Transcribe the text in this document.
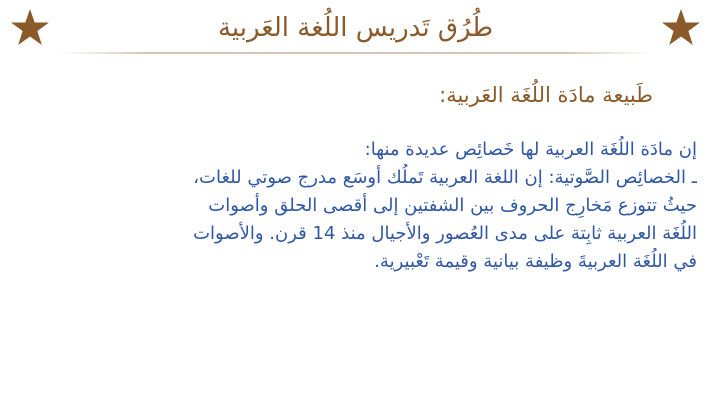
طُرُق تَدريس اللُغة العَربية
طَبيعة مادَة اللُغَة العَربية:
إن مادَة اللُغَة العربية لها خَصائِص عديدة منها:
ـ الخصائِص الصَّوتية: إن اللغة العربية تَملُك أوسَع مدرج صوتي للغات،
حيثُ تتوزع مَخارِج الحروف بين الشفتين إلى أقصى الحلق وأصوات
اللُغَة العربية ثابِتة على مدى العُصور والأجيال منذ 14 قرن. والأصوات
في اللُغَة العربيةَ وظيفة بيانية وقيمة تَعْبيرية.
